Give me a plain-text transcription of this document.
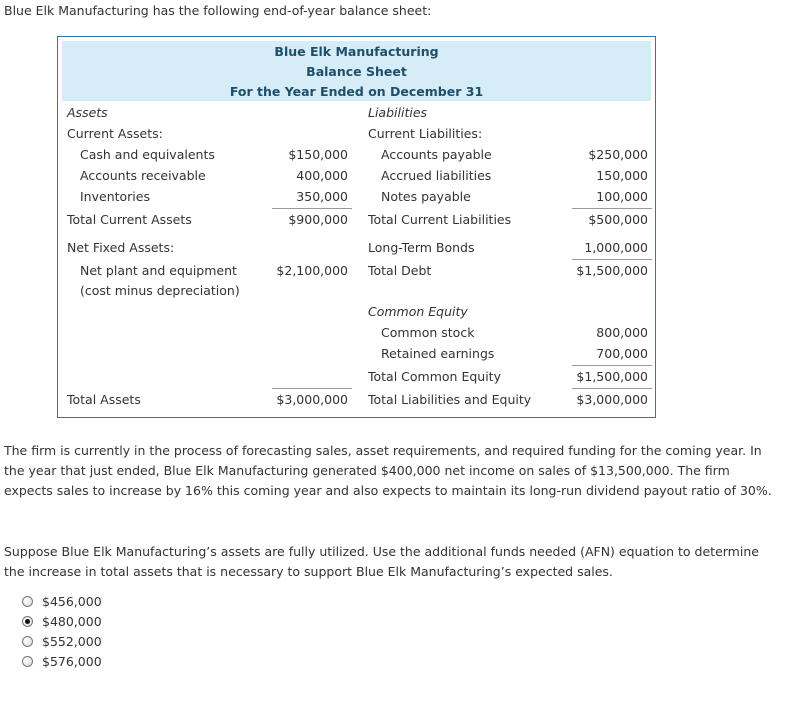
Blue Elk Manufacturing has the following end-of-year balance sheet:
Blue Elk Manufacturing
Balance Sheet
For the Year Ended on December 31
Assets
Current Assets:
Cash and equivalents	$150,000
Accounts receivable	400,000
Inventories	350,000
Total Current Assets	$900,000
Net Fixed Assets:
Net plant and equipment
(cost minus depreciation)
$2,100,000
Total Assets	$3,000,000
Liabilities
Current Liabilities:
Accounts payable	$250,000
Accrued liabilities	150,000
Notes payable	100,000
Total Current Liabilities	$500,000
Long-Term Bonds	1,000,000
Total Debt	$1,500,000
Common Equity
Common stock	800,000
Retained earnings	700,000
Total Common Equity	$1,500,000
Total Liabilities and Equity	$3,000,000
The firm is currently in the process of forecasting sales, asset requirements, and required funding for the coming year. In the year that just ended, Blue Elk Manufacturing generated $400,000 net income on sales of $13,500,000. The firm expects sales to increase by 16% this coming year and also expects to maintain its long-run dividend payout ratio of 30%.
Suppose Blue Elk Manufacturing’s assets are fully utilized. Use the additional funds needed (AFN) equation to determine the increase in total assets that is necessary to support Blue Elk Manufacturing’s expected sales.
$456,000
$480,000
$552,000
$576,000
